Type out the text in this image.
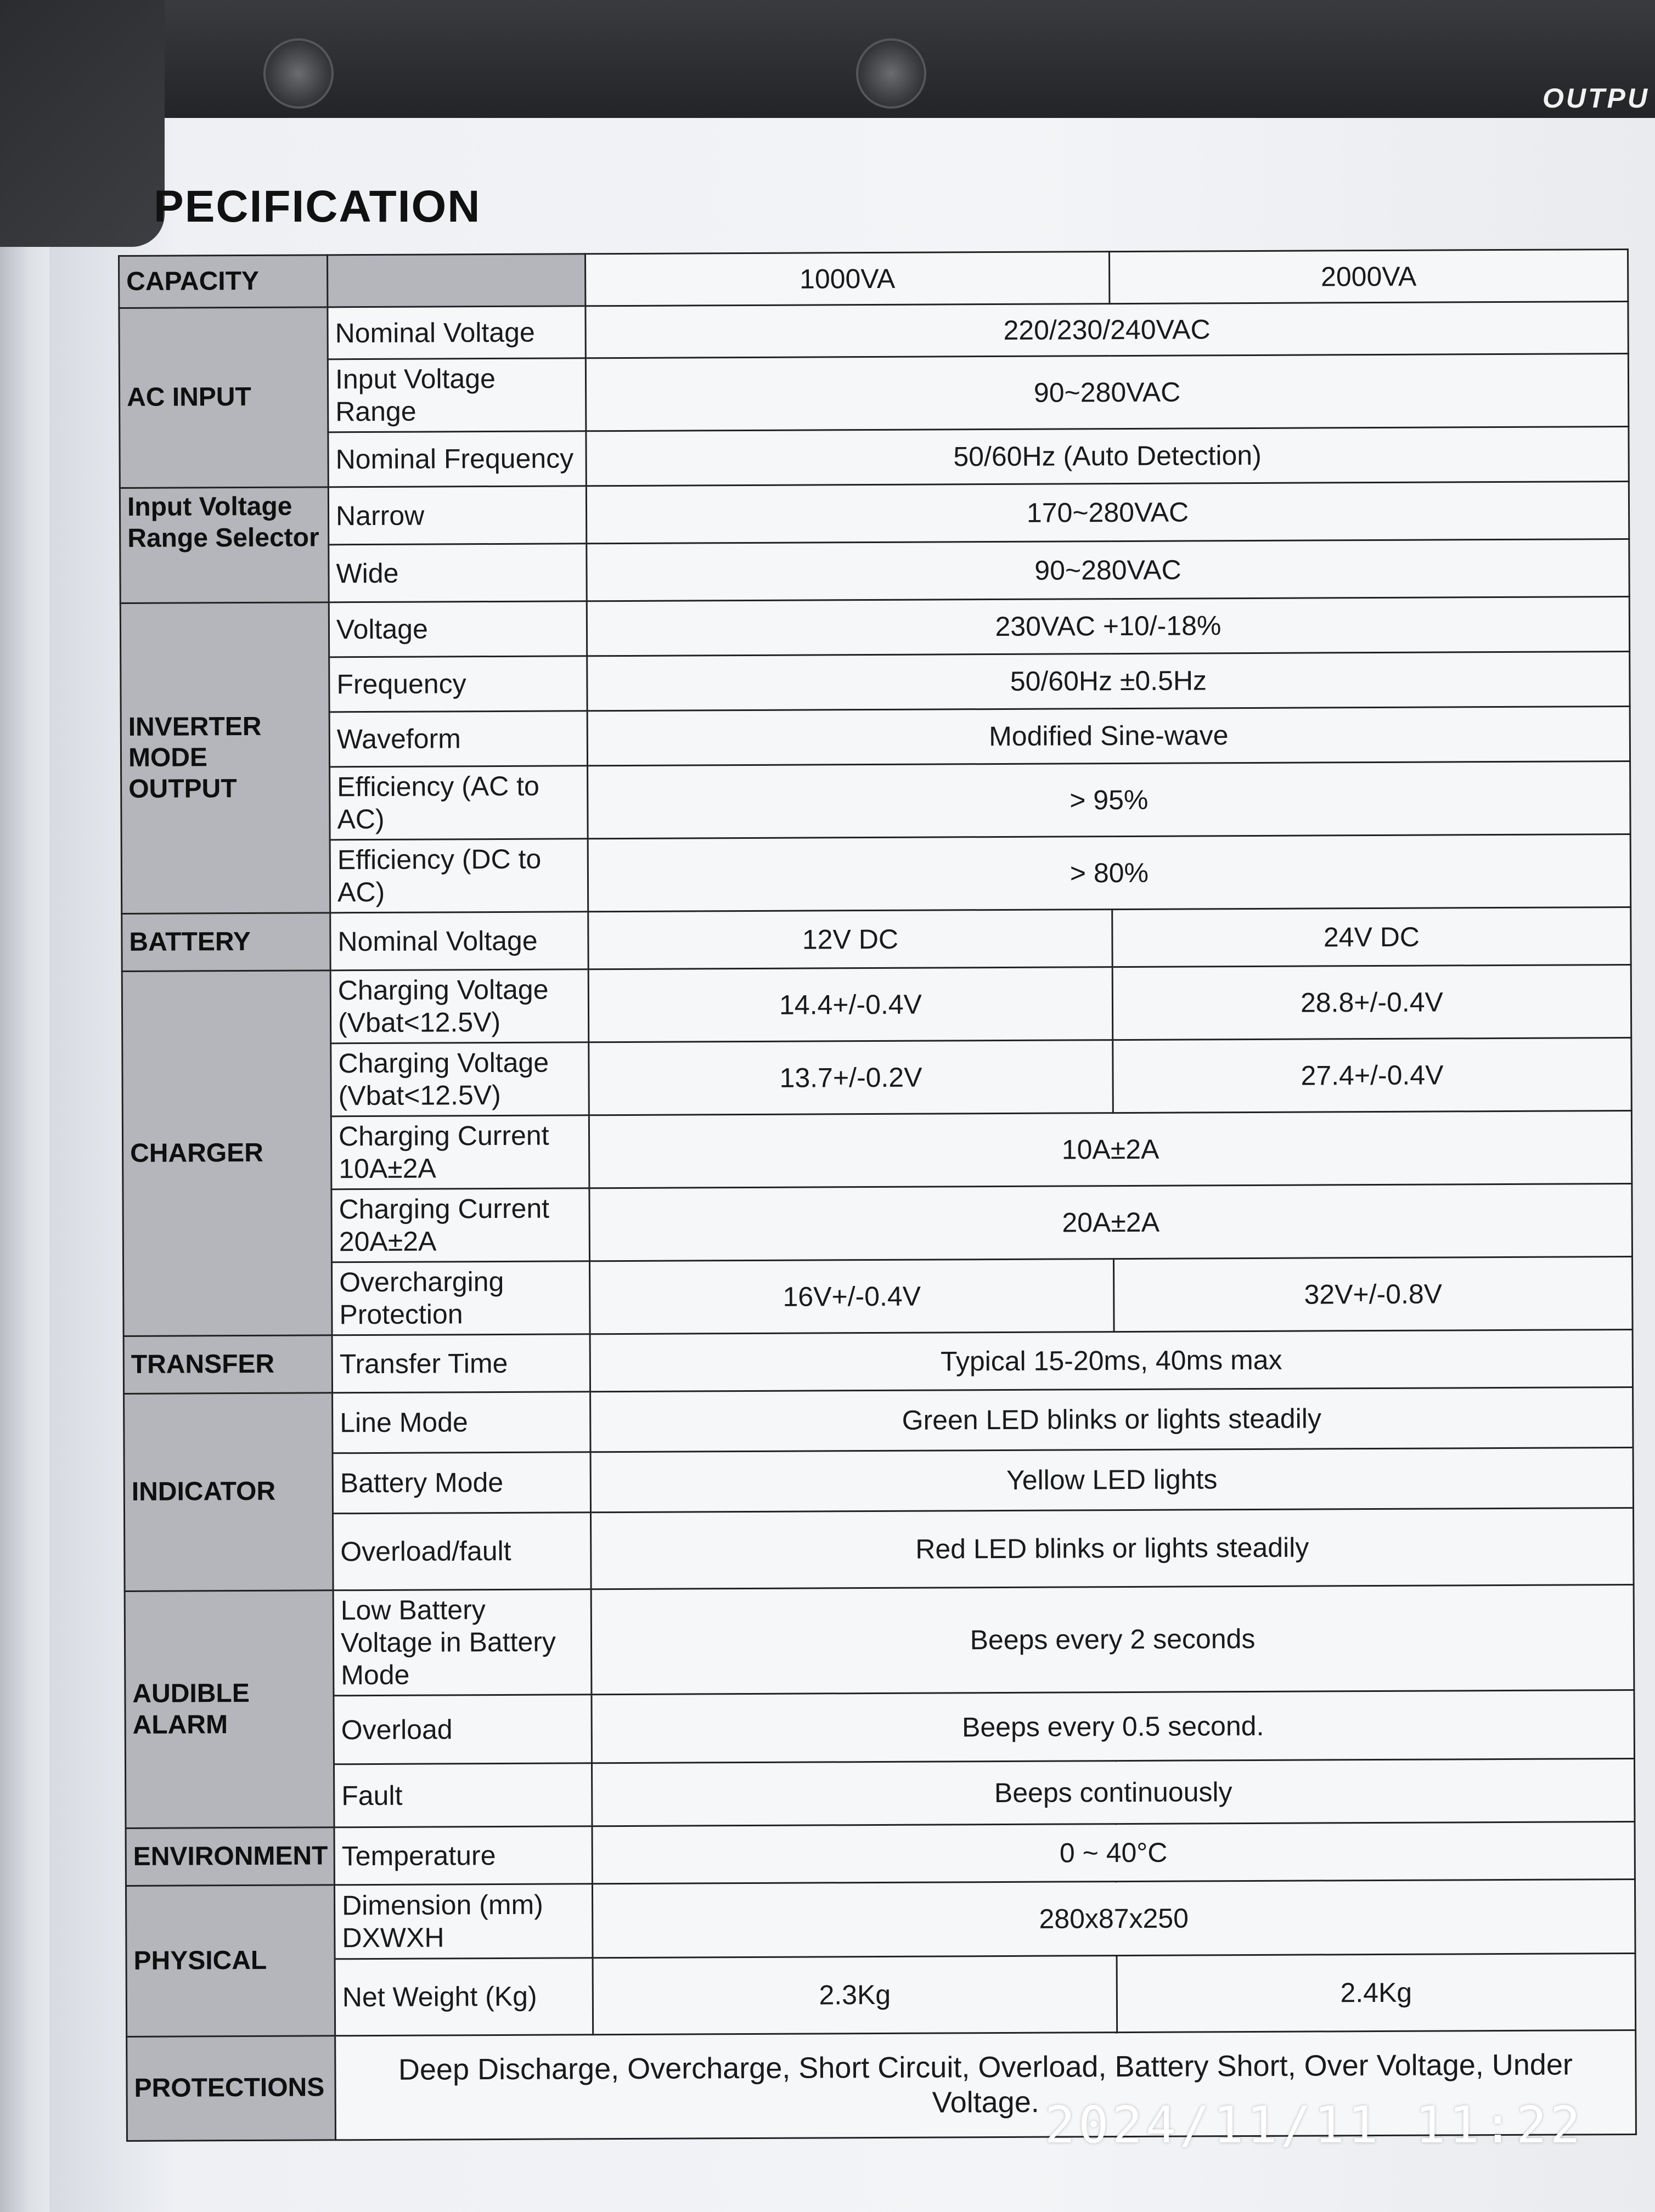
OUTPU
PECIFICATION
CAPACITY		1000VA	2000VA
AC INPUT	Nominal Voltage	220/230/240VAC	
	Input Voltage Range	90~280VAC	
	Nominal Frequency	50/60Hz (Auto Detection)	
Input Voltage Range Selector	Narrow	170~280VAC	
	Wide	90~280VAC	
INVERTER MODE OUTPUT	Voltage	230VAC +10/-18%	
	Frequency	50/60Hz ±0.5Hz	
	Waveform	Modified Sine-wave	
	Efficiency (AC to AC)	> 95%	
	Efficiency (DC to AC)	> 80%	
BATTERY	Nominal Voltage	12V DC	24V DC
CHARGER	Charging Voltage (Vbat<12.5V)	14.4+/-0.4V	28.8+/-0.4V
	Charging Voltage (Vbat<12.5V)	13.7+/-0.2V	27.4+/-0.4V
	Charging Current 10A±2A	10A±2A	
	Charging Current 20A±2A	20A±2A	
	Overcharging Protection	16V+/-0.4V	32V+/-0.8V
TRANSFER	Transfer Time	Typical 15-20ms, 40ms max	
INDICATOR	Line Mode	Green LED blinks or lights steadily	
	Battery Mode	Yellow LED lights	
	Overload/fault	Red LED blinks or lights steadily	
AUDIBLE ALARM	Low Battery Voltage in Battery Mode	Beeps every 2 seconds	
	Overload	Beeps every 0.5 second.	
	Fault	Beeps continuously	
ENVIRONMENT	Temperature	0 ~ 40°C	
PHYSICAL	Dimension (mm) DXWXH	280x87x250	
	Net Weight (Kg)	2.3Kg	2.4Kg
PROTECTIONS	Deep Discharge, Overcharge, Short Circuit, Overload, Battery Short, Over Voltage, Under Voltage.		2024/11/11 11:22
